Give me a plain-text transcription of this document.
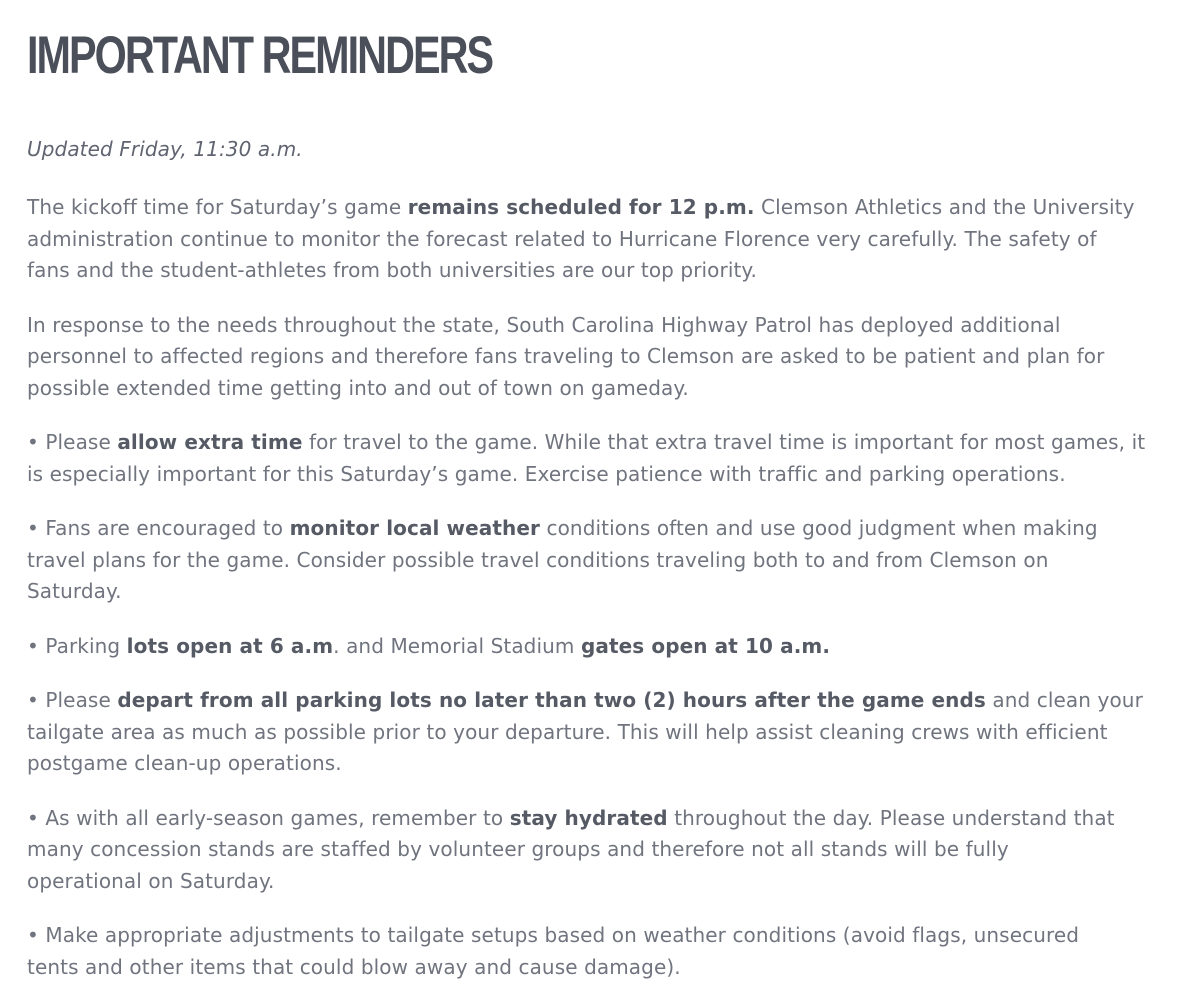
IMPORTANT REMINDERS

Updated Friday, 11:30 a.m.

The kickoff time for Saturday’s game remains scheduled for 12 p.m. Clemson Athletics and the University
administration continue to monitor the forecast related to Hurricane Florence very carefully. The safety of
fans and the student-athletes from both universities are our top priority.

In response to the needs throughout the state, South Carolina Highway Patrol has deployed additional
personnel to affected regions and therefore fans traveling to Clemson are asked to be patient and plan for
possible extended time getting into and out of town on gameday.

• Please allow extra time for travel to the game. While that extra travel time is important for most games, it
is especially important for this Saturday’s game. Exercise patience with traffic and parking operations.

• Fans are encouraged to monitor local weather conditions often and use good judgment when making
travel plans for the game. Consider possible travel conditions traveling both to and from Clemson on
Saturday.

• Parking lots open at 6 a.m. and Memorial Stadium gates open at 10 a.m.

• Please depart from all parking lots no later than two (2) hours after the game ends and clean your
tailgate area as much as possible prior to your departure. This will help assist cleaning crews with efficient
postgame clean-up operations.

• As with all early-season games, remember to stay hydrated throughout the day. Please understand that
many concession stands are staffed by volunteer groups and therefore not all stands will be fully
operational on Saturday.

• Make appropriate adjustments to tailgate setups based on weather conditions (avoid flags, unsecured
tents and other items that could blow away and cause damage).
